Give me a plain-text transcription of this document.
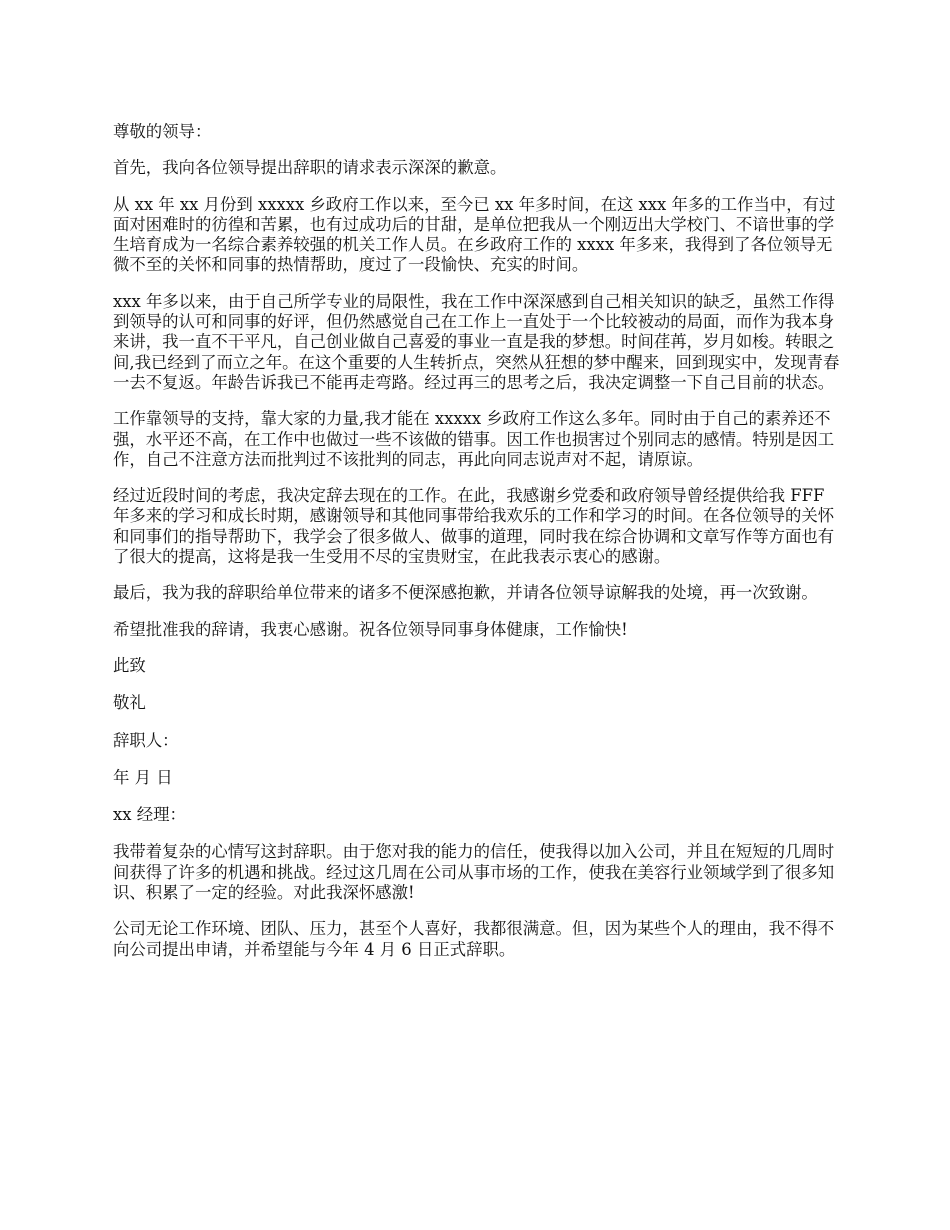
尊敬的领导：

首先，我向各位领导提出辞职的请求表示深深的歉意。

从 xx 年 xx 月份到 xxxxx 乡政府工作以来，至今已 xx 年多时间，在这 xxx 年多的工作当中，有过面对困难时的彷徨和苦累，也有过成功后的甘甜，是单位把我从一个刚迈出大学校门、不谙世事的学生培育成为一名综合素养较强的机关工作人员。在乡政府工作的 xxxx 年多来，我得到了各位领导无微不至的关怀和同事的热情帮助，度过了一段愉快、充实的时间。

xxx 年多以来，由于自己所学专业的局限性，我在工作中深深感到自己相关知识的缺乏，虽然工作得到领导的认可和同事的好评，但仍然感觉自己在工作上一直处于一个比较被动的局面，而作为我本身来讲，我一直不干平凡，自己创业做自己喜爱的事业一直是我的梦想。时间荏苒，岁月如梭。转眼之间,我已经到了而立之年。在这个重要的人生转折点，突然从狂想的梦中醒来，回到现实中，发现青春一去不复返。年龄告诉我已不能再走弯路。经过再三的思考之后，我决定调整一下自己目前的状态。

工作靠领导的支持，靠大家的力量,我才能在 xxxxx 乡政府工作这么多年。同时由于自己的素养还不强，水平还不高，在工作中也做过一些不该做的错事。因工作也损害过个别同志的感情。特别是因工作，自己不注意方法而批判过不该批判的同志，再此向同志说声对不起，请原谅。

经过近段时间的考虑，我决定辞去现在的工作。在此，我感谢乡党委和政府领导曾经提供给我 FFF 年多来的学习和成长时期，感谢领导和其他同事带给我欢乐的工作和学习的时间。在各位领导的关怀和同事们的指导帮助下，我学会了很多做人、做事的道理，同时我在综合协调和文章写作等方面也有了很大的提高，这将是我一生受用不尽的宝贵财宝，在此我表示衷心的感谢。

最后，我为我的辞职给单位带来的诸多不便深感抱歉，并请各位领导谅解我的处境，再一次致谢。

希望批准我的辞请，我衷心感谢。祝各位领导同事身体健康，工作愉快!

此致

敬礼

辞职人：

年 月 日

xx 经理：

我带着复杂的心情写这封辞职。由于您对我的能力的信任，使我得以加入公司，并且在短短的几周时间获得了许多的机遇和挑战。经过这几周在公司从事市场的工作，使我在美容行业领域学到了很多知识、积累了一定的经验。对此我深怀感激!

公司无论工作环境、团队、压力，甚至个人喜好，我都很满意。但，因为某些个人的理由，我不得不向公司提出申请，并希望能与今年 4 月 6 日正式辞职。
